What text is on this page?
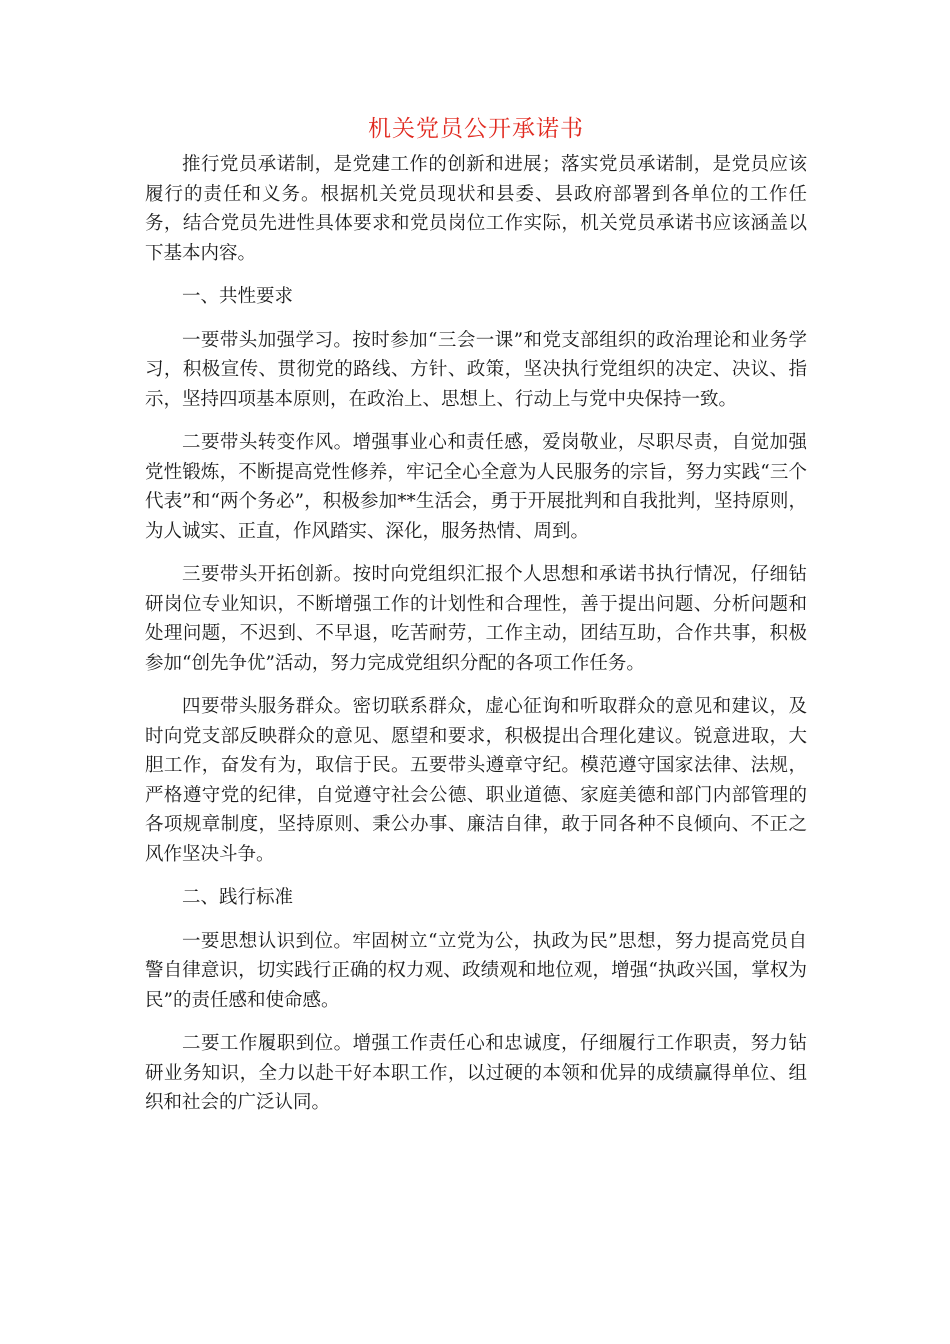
机关党员公开承诺书

推行党员承诺制，是党建工作的创新和进展；落实党员承诺制，是党员应该履行的责任和义务。根据机关党员现状和县委、县政府部署到各单位的工作任务，结合党员先进性具体要求和党员岗位工作实际，机关党员承诺书应该涵盖以下基本内容。

一、共性要求

一要带头加强学习。按时参加“三会一课”和党支部组织的政治理论和业务学习，积极宣传、贯彻党的路线、方针、政策，坚决执行党组织的决定、决议、指示，坚持四项基本原则，在政治上、思想上、行动上与党中央保持一致。

二要带头转变作风。增强事业心和责任感，爱岗敬业，尽职尽责，自觉加强党性锻炼，不断提高党性修养，牢记全心全意为人民服务的宗旨，努力实践“三个代表”和“两个务必”，积极参加**生活会，勇于开展批判和自我批判，坚持原则，为人诚实、正直，作风踏实、深化，服务热情、周到。

三要带头开拓创新。按时向党组织汇报个人思想和承诺书执行情况，仔细钻研岗位专业知识，不断增强工作的计划性和合理性，善于提出问题、分析问题和处理问题，不迟到、不早退，吃苦耐劳，工作主动，团结互助，合作共事，积极参加“创先争优”活动，努力完成党组织分配的各项工作任务。

四要带头服务群众。密切联系群众，虚心征询和听取群众的意见和建议，及时向党支部反映群众的意见、愿望和要求，积极提出合理化建议。锐意进取，大胆工作，奋发有为，取信于民。五要带头遵章守纪。模范遵守国家法律、法规，严格遵守党的纪律，自觉遵守社会公德、职业道德、家庭美德和部门内部管理的各项规章制度，坚持原则、秉公办事、廉洁自律，敢于同各种不良倾向、不正之风作坚决斗争。

二、践行标准

一要思想认识到位。牢固树立“立党为公，执政为民”思想，努力提高党员自警自律意识，切实践行正确的权力观、政绩观和地位观，增强“执政兴国，掌权为民”的责任感和使命感。

二要工作履职到位。增强工作责任心和忠诚度，仔细履行工作职责，努力钻研业务知识，全力以赴干好本职工作，以过硬的本领和优异的成绩赢得单位、组织和社会的广泛认同。
